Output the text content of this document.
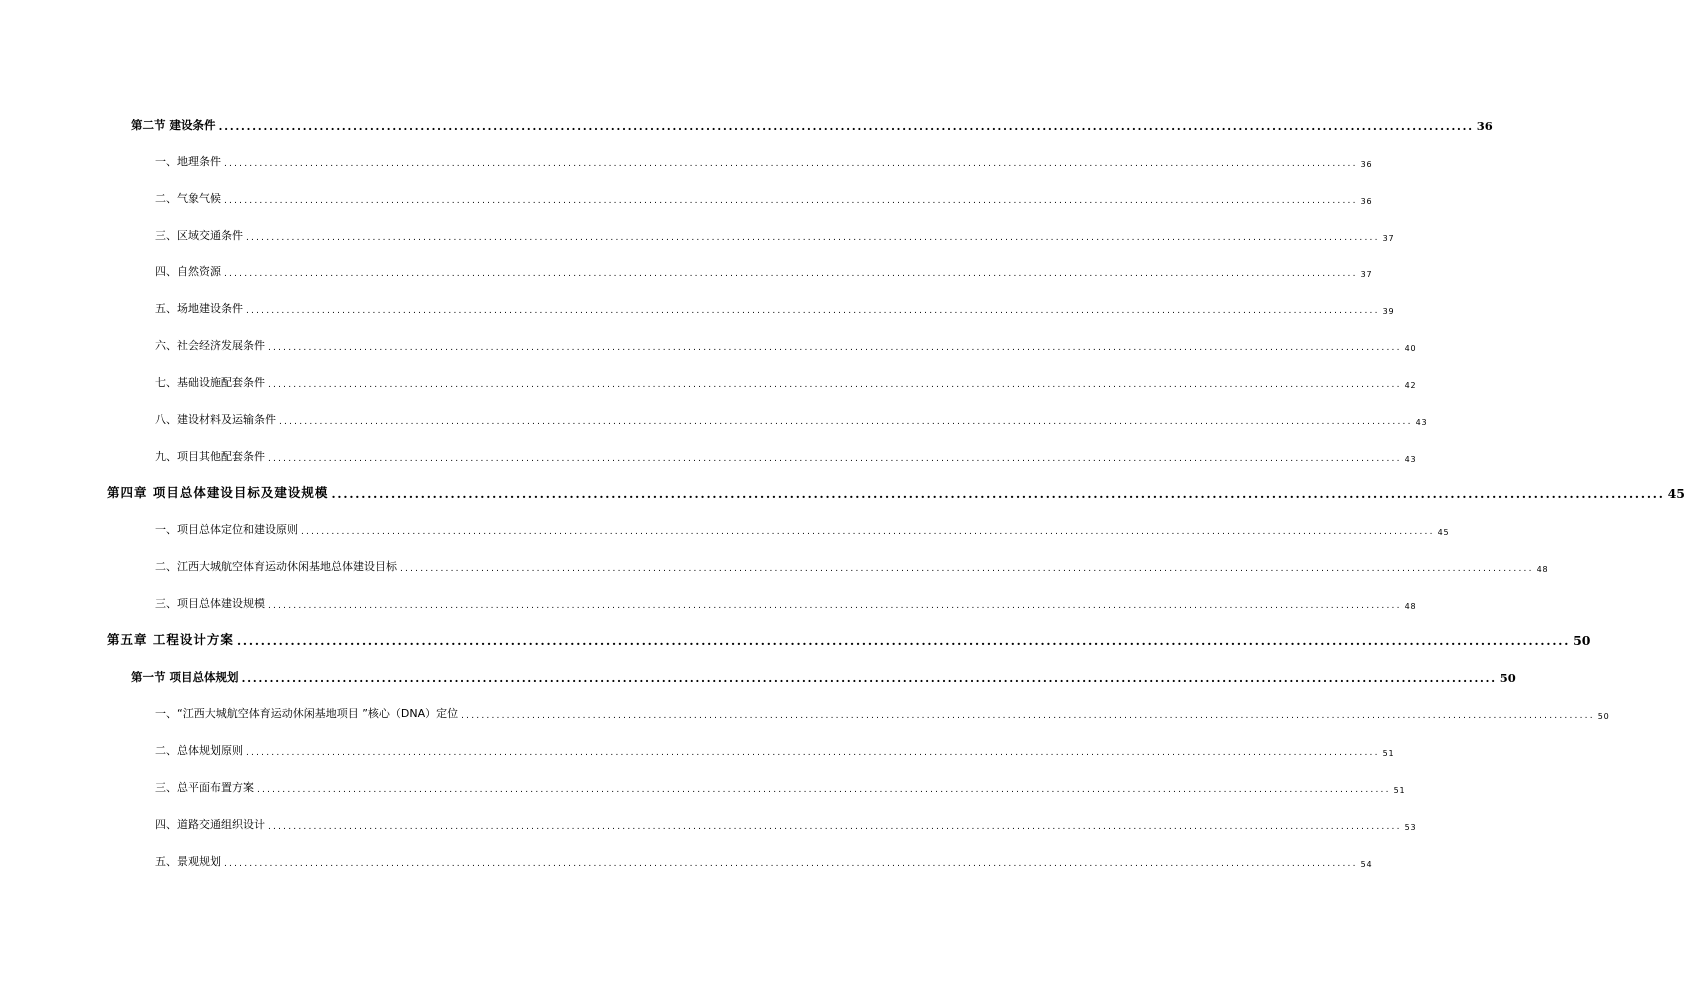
第二节 建设条件 ................................................................................................................................................................................................................................ 36
一、地理条件 ................................................................................................................................................................................................................................ 36
二、气象气候 ................................................................................................................................................................................................................................ 36
三、区域交通条件 ................................................................................................................................................................................................................................ 37
四、自然资源 ................................................................................................................................................................................................................................ 37
五、场地建设条件 ................................................................................................................................................................................................................................ 39
六、社会经济发展条件 ................................................................................................................................................................................................................................ 40
七、基础设施配套条件 ................................................................................................................................................................................................................................ 42
八、建设材料及运输条件 ................................................................................................................................................................................................................................ 43
九、项目其他配套条件 ................................................................................................................................................................................................................................ 43
第四章 项目总体建设目标及建设规模 ................................................................................................................................................................................................................................ 45
一、项目总体定位和建设原则 ................................................................................................................................................................................................................................ 45
二、江西大城航空体育运动休闲基地总体建设目标 ................................................................................................................................................................................................................................ 48
三、项目总体建设规模 ................................................................................................................................................................................................................................ 48
第五章 工程设计方案 ................................................................................................................................................................................................................................ 50
第一节 项目总体规划 ................................................................................................................................................................................................................................ 50
一、“江西大城航空体育运动休闲基地项目 ”核心（DNA）定位 ................................................................................................................................................................................................................................ 50
二、总体规划原则 ................................................................................................................................................................................................................................ 51
三、总平面布置方案 ................................................................................................................................................................................................................................ 51
四、道路交通组织设计 ................................................................................................................................................................................................................................ 53
五、景观规划 ................................................................................................................................................................................................................................ 54
